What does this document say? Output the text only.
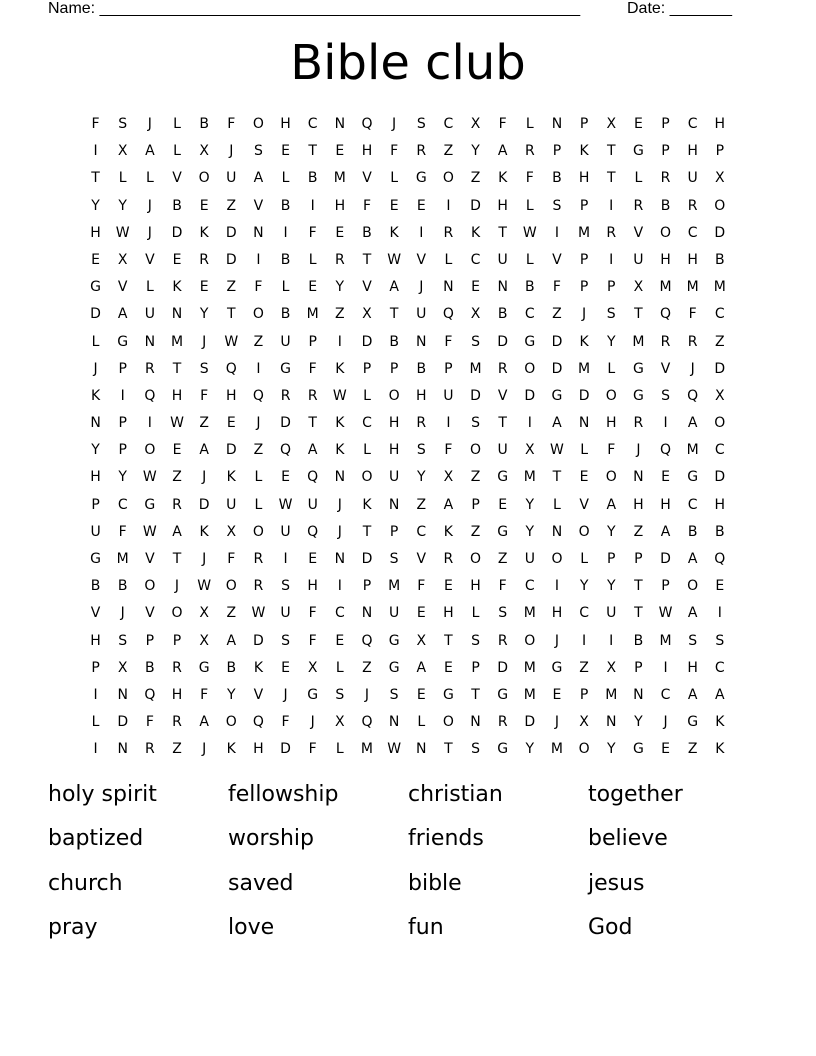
Name: ______________________________________________________	Date: _______
Bible club
F	S	J	L	B	F	O	H	C	N	Q	J	S	C	X	F	L	N	P	X	E	P	C	H
I	X	A	L	X	J	S	E	T	E	H	F	R	Z	Y	A	R	P	K	T	G	P	H	P
T	L	L	V	O	U	A	L	B	M	V	L	G	O	Z	K	F	B	H	T	L	R	U	X
Y	Y	J	B	E	Z	V	B	I	H	F	E	E	I	D	H	L	S	P	I	R	B	R	O
H	W	J	D	K	D	N	I	F	E	B	K	I	R	K	T	W	I	M	R	V	O	C	D
E	X	V	E	R	D	I	B	L	R	T	W	V	L	C	U	L	V	P	I	U	H	H	B
G	V	L	K	E	Z	F	L	E	Y	V	A	J	N	E	N	B	F	P	P	X	M	M	M
D	A	U	N	Y	T	O	B	M	Z	X	T	U	Q	X	B	C	Z	J	S	T	Q	F	C
L	G	N	M	J	W	Z	U	P	I	D	B	N	F	S	D	G	D	K	Y	M	R	R	Z
J	P	R	T	S	Q	I	G	F	K	P	P	B	P	M	R	O	D	M	L	G	V	J	D
K	I	Q	H	F	H	Q	R	R	W	L	O	H	U	D	V	D	G	D	O	G	S	Q	X
N	P	I	W	Z	E	J	D	T	K	C	H	R	I	S	T	I	A	N	H	R	I	A	O
Y	P	O	E	A	D	Z	Q	A	K	L	H	S	F	O	U	X	W	L	F	J	Q	M	C
H	Y	W	Z	J	K	L	E	Q	N	O	U	Y	X	Z	G	M	T	E	O	N	E	G	D
P	C	G	R	D	U	L	W	U	J	K	N	Z	A	P	E	Y	L	V	A	H	H	C	H
U	F	W	A	K	X	O	U	Q	J	T	P	C	K	Z	G	Y	N	O	Y	Z	A	B	B
G	M	V	T	J	F	R	I	E	N	D	S	V	R	O	Z	U	O	L	P	P	D	A	Q
B	B	O	J	W	O	R	S	H	I	P	M	F	E	H	F	C	I	Y	Y	T	P	O	E
V	J	V	O	X	Z	W	U	F	C	N	U	E	H	L	S	M	H	C	U	T	W	A	I
H	S	P	P	X	A	D	S	F	E	Q	G	X	T	S	R	O	J	I	I	B	M	S	S
P	X	B	R	G	B	K	E	X	L	Z	G	A	E	P	D	M	G	Z	X	P	I	H	C
I	N	Q	H	F	Y	V	J	G	S	J	S	E	G	T	G	M	E	P	M	N	C	A	A
L	D	F	R	A	O	Q	F	J	X	Q	N	L	O	N	R	D	J	X	N	Y	J	G	K
I	N	R	Z	J	K	H	D	F	L	M	W	N	T	S	G	Y	M	O	Y	G	E	Z	K
holy spirit	fellowship	christian	together
baptized	worship	friends	believe
church	saved	bible	jesus
pray	love	fun	God
